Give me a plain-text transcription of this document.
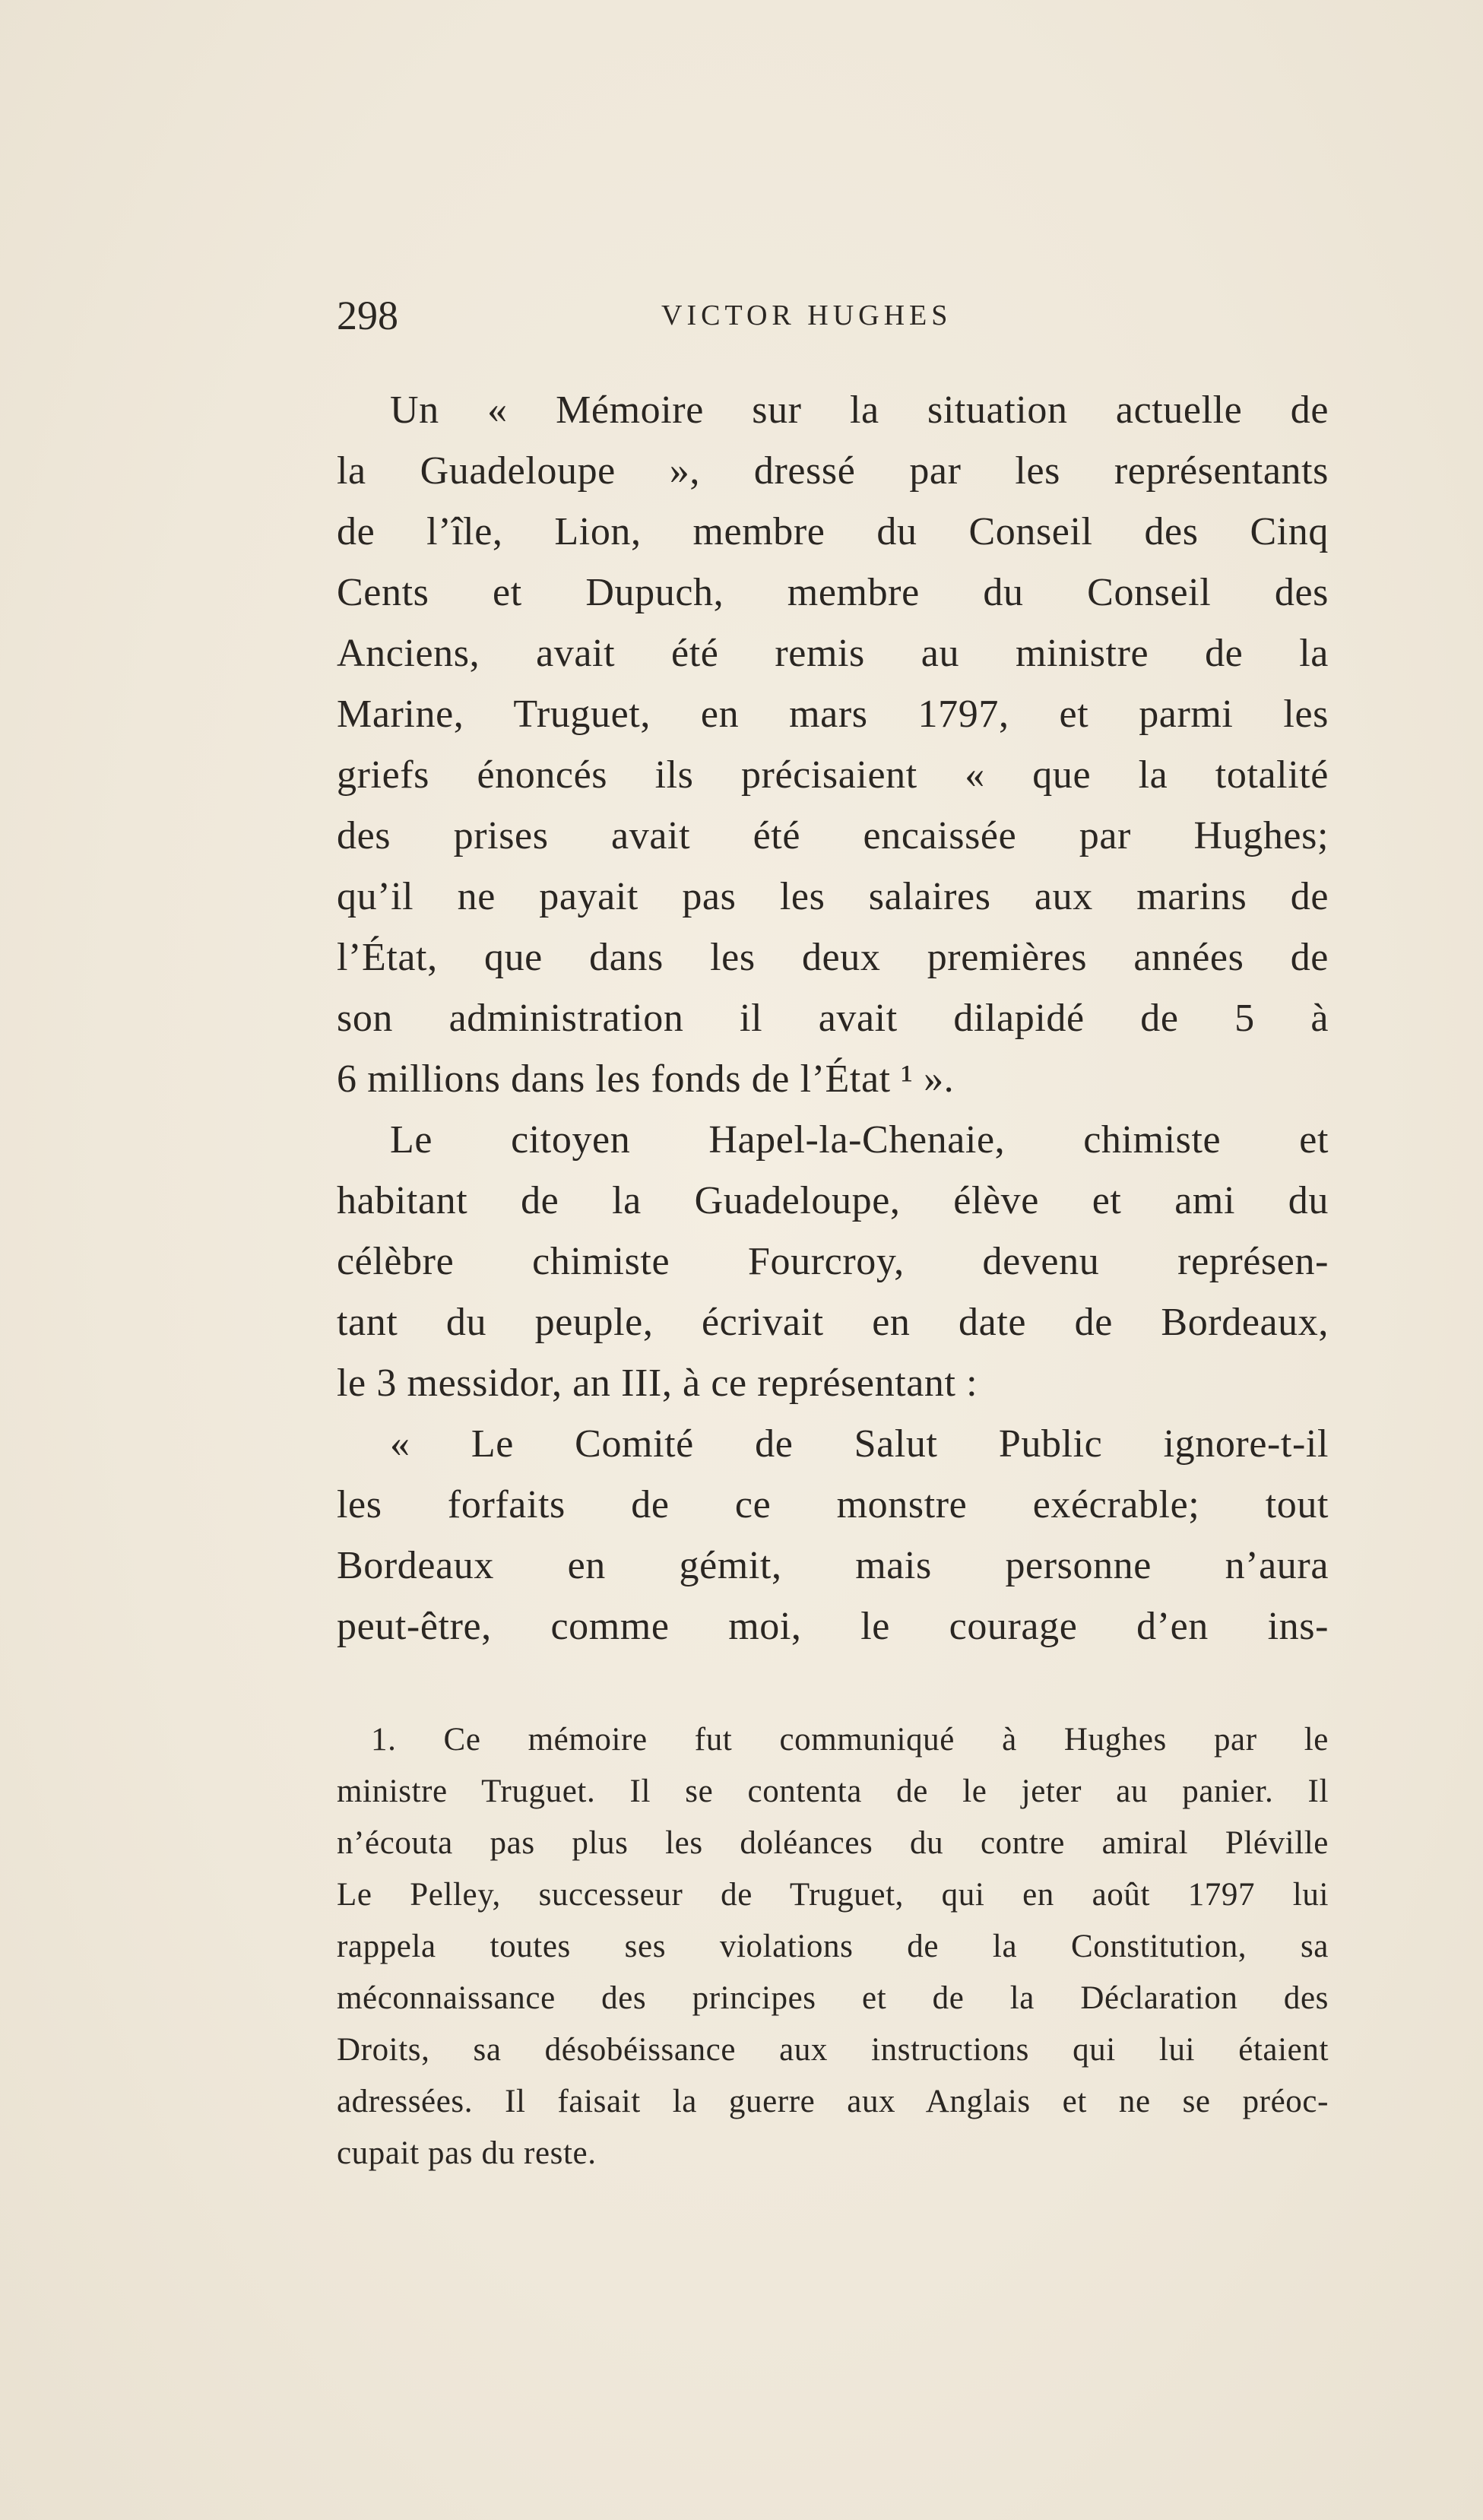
298	VICTOR HUGHES
Un « Mémoire sur la situation actuelle de
la Guadeloupe », dressé par les représentants
de l’île, Lion, membre du Conseil des Cinq
Cents et Dupuch, membre du Conseil des
Anciens, avait été remis au ministre de la
Marine, Truguet, en mars 1797, et parmi les
griefs énoncés ils précisaient « que la totalité
des prises avait été encaissée par Hughes;
qu’il ne payait pas les salaires aux marins de
l’État, que dans les deux premières années de
son administration il avait dilapidé de 5 à
6 millions dans les fonds de l’État ¹ ».
Le citoyen Hapel-la-Chenaie, chimiste et
habitant de la Guadeloupe, élève et ami du
célèbre chimiste Fourcroy, devenu représen-
tant du peuple, écrivait en date de Bordeaux,
le 3 messidor, an III, à ce représentant :
« Le Comité de Salut Public ignore-t-il
les forfaits de ce monstre exécrable; tout
Bordeaux en gémit, mais personne n’aura
peut-être, comme moi, le courage d’en ins-
1. Ce mémoire fut communiqué à Hughes par le
ministre Truguet. Il se contenta de le jeter au panier. Il
n’écouta pas plus les doléances du contre amiral Pléville
Le Pelley, successeur de Truguet, qui en août 1797 lui
rappela toutes ses violations de la Constitution, sa
méconnaissance des principes et de la Déclaration des
Droits, sa désobéissance aux instructions qui lui étaient
adressées. Il faisait la guerre aux Anglais et ne se préoc-
cupait pas du reste.
